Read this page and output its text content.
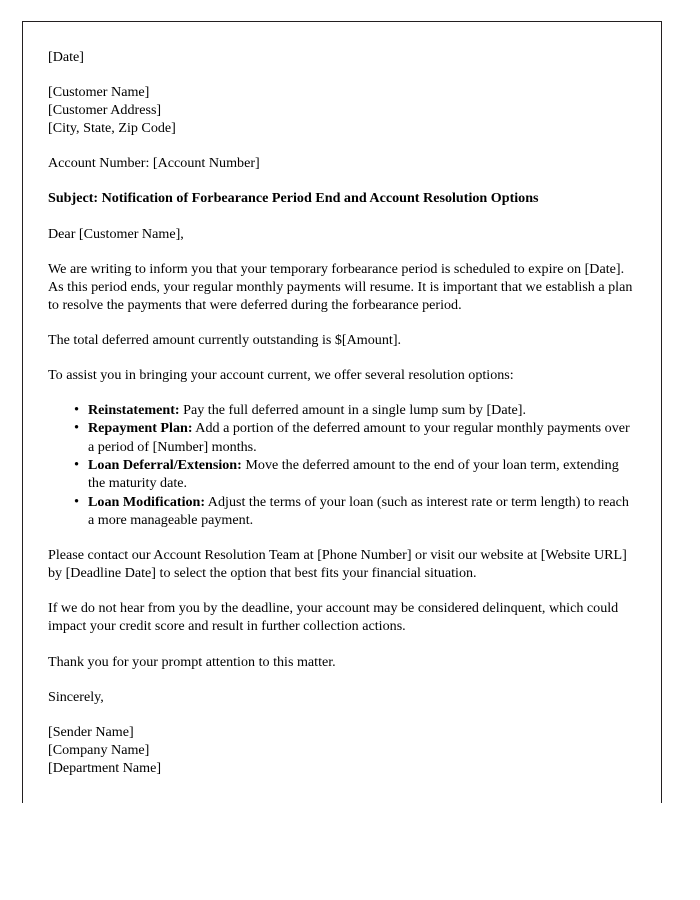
[Date]
[Customer Name]
[Customer Address]
[City, State, Zip Code]
Account Number: [Account Number]
Subject: Notification of Forbearance Period End and Account Resolution Options
Dear [Customer Name],
We are writing to inform you that your temporary forbearance period is scheduled to expire on [Date]. As this period ends, your regular monthly payments will resume. It is important that we establish a plan to resolve the payments that were deferred during the forbearance period.
The total deferred amount currently outstanding is $[Amount].
To assist you in bringing your account current, we offer several resolution options:
• Reinstatement: Pay the full deferred amount in a single lump sum by [Date].
• Repayment Plan: Add a portion of the deferred amount to your regular monthly payments over a period of [Number] months.
• Loan Deferral/Extension: Move the deferred amount to the end of your loan term, extending the maturity date.
• Loan Modification: Adjust the terms of your loan (such as interest rate or term length) to reach a more manageable payment.
Please contact our Account Resolution Team at [Phone Number] or visit our website at [Website URL] by [Deadline Date] to select the option that best fits your financial situation.
If we do not hear from you by the deadline, your account may be considered delinquent, which could impact your credit score and result in further collection actions.
Thank you for your prompt attention to this matter.
Sincerely,
[Sender Name]
[Company Name]
[Department Name]
